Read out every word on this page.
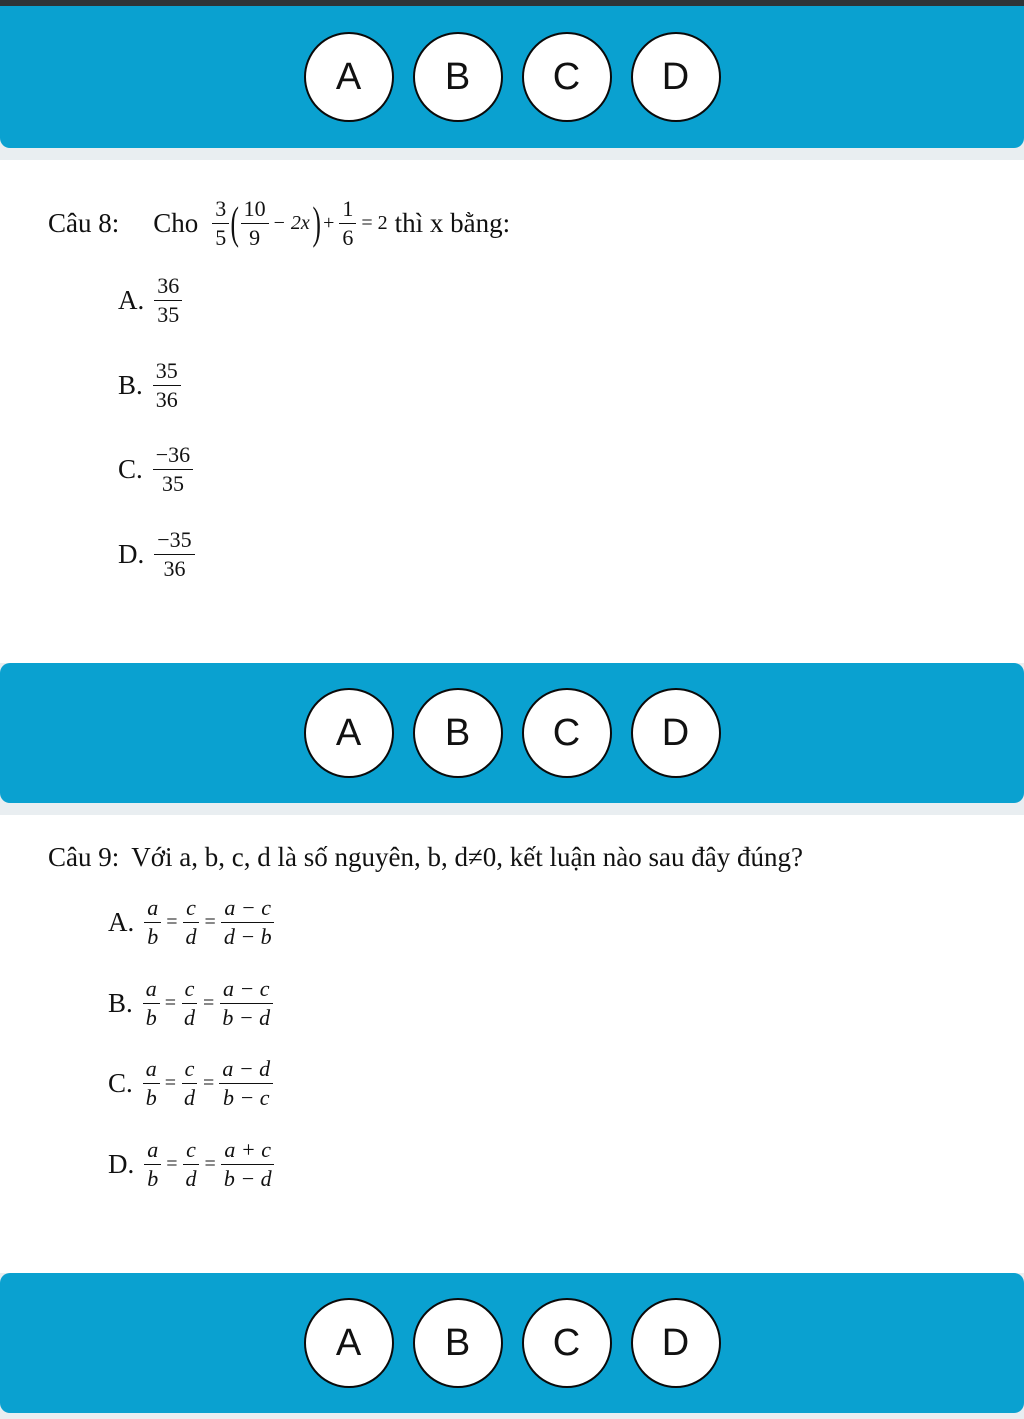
A	B	C	D
Câu 8: Cho $\frac{3}{5}$ ( $\frac{10}{9} - 2x$ ) + $\frac{1}{6} = 2$ thì x bằng:
A. $\frac{36}{35}$
B. $\frac{35}{36}$
C. $\frac{-36}{35}$
D. $\frac{-35}{36}$
A	B	C	D
Câu 9: Với a, b, c, d là số nguyên, b, d≠0, kết luận nào sau đây đúng?
A. $\frac{a}{b} = \frac{c}{d} = \frac{a - c}{d - b}$
B. $\frac{a}{b} = \frac{c}{d} = \frac{a - c}{b - d}$
C. $\frac{a}{b} = \frac{c}{d} = \frac{a - d}{b - c}$
D. $\frac{a}{b} = \frac{c}{d} = \frac{a + c}{b - d}$
A	B	C	D
